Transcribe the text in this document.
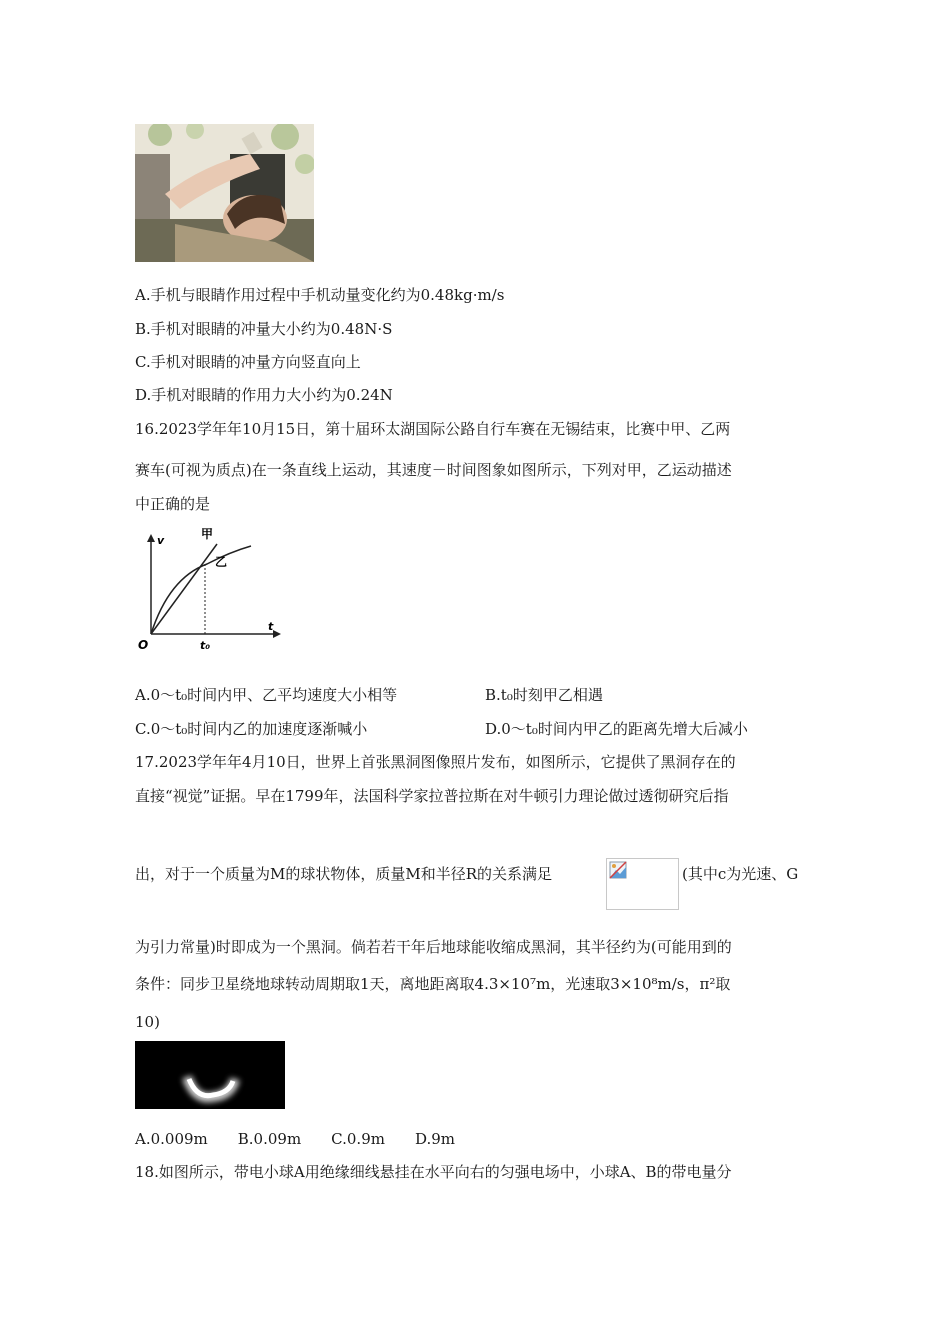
A.手机与眼睛作用过程中手机动量变化约为0.48kg·m/s
B.手机对眼睛的冲量大小约为0.48N·S
C.手机对眼睛的冲量方向竖直向上
D.手机对眼睛的作用力大小约为0.24N
16.2023学年年10月15日，第十届环太湖国际公路自行车赛在无锡结束，比赛中甲、乙两
赛车(可视为质点)在一条直线上运动，其速度－时间图象如图所示，下列对甲，乙运动描述
中正确的是
v
t
O	t₀
甲
乙
A.0～t₀时间内甲、乙平均速度大小相等	B.t₀时刻甲乙相遇
C.0～t₀时间内乙的加速度逐渐喊小	D.0～t₀时间内甲乙的距离先增大后减小
17.2023学年年4月10日，世界上首张黑洞图像照片发布，如图所示，它提供了黑洞存在的
直接“视觉”证据。早在1799年，法国科学家拉普拉斯在对牛顿引力理论做过透彻研究后指
出，对于一个质量为M的球状物体，质量M和半径R的关系满足	(其中c为光速、G
为引力常量)时即成为一个黑洞。倘若若干年后地球能收缩成黑洞，其半径约为(可能用到的
条件：同步卫星绕地球转动周期取1天，离地距离取4.3×10⁷m，光速取3×10⁸m/s，π²取
10)
A.0.009m　　B.0.09m　　C.0.9m　　D.9m
18.如图所示，带电小球A用绝缘细线悬挂在水平向右的匀强电场中，小球A、B的带电量分
